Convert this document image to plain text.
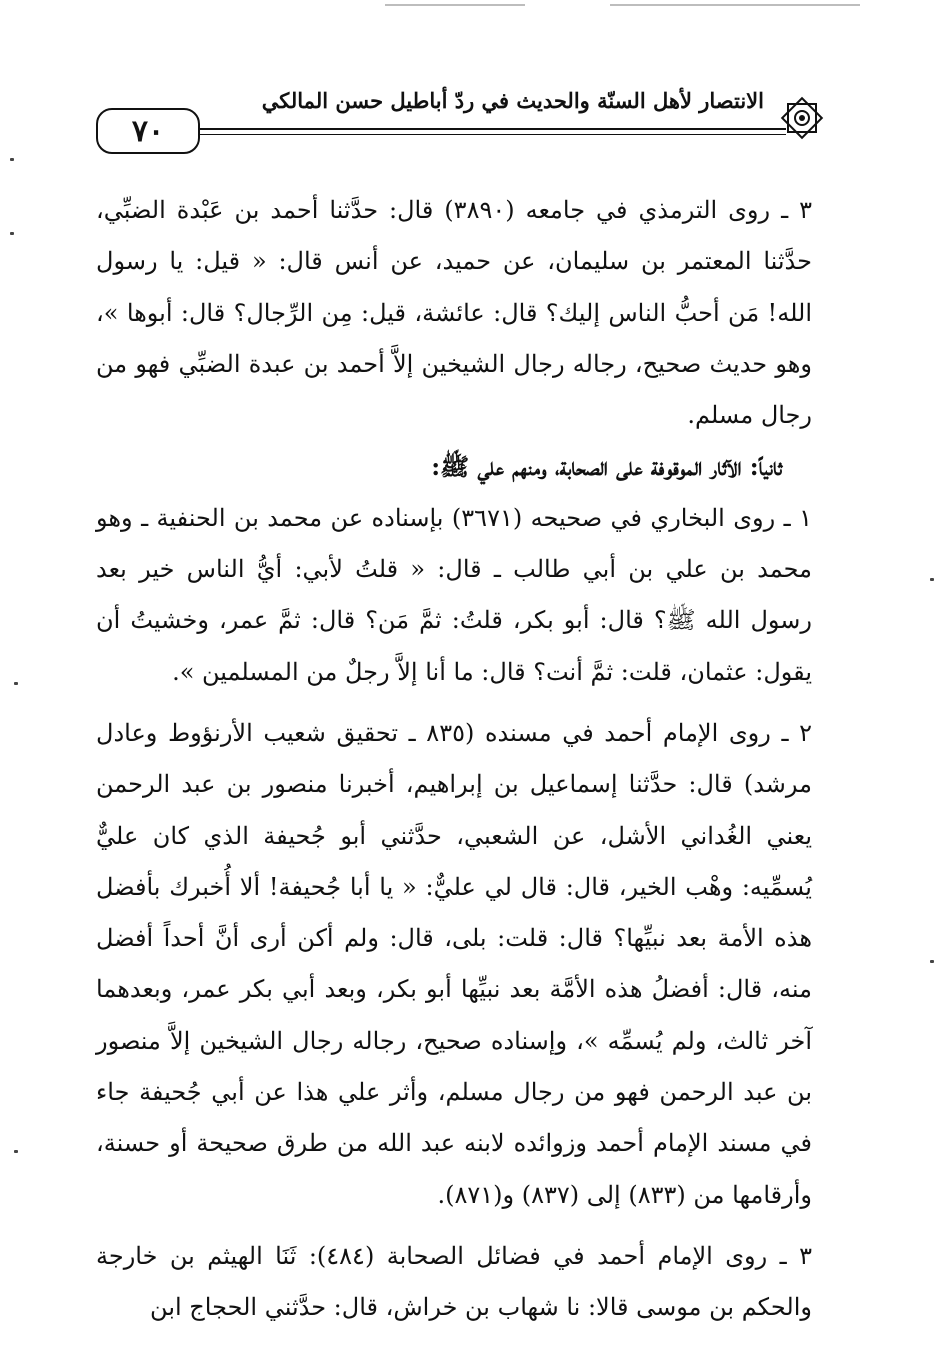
٧٠
الانتصار لأهل السنّة والحديث في ردّ أباطيل حسن المالكي

٣ ـ روى الترمذي في جامعه (٣٨٩٠) قال: حدَّثنا أحمد بن عَبْدة الضبِّي، حدَّثنا المعتمر بن سليمان، عن حميد، عن أنس قال: « قيل: يا رسول الله! مَن أحبُّ الناس إليك؟ قال: عائشة، قيل: مِن الرِّجال؟ قال: أبوها »، وهو حديث صحيح، رجاله رجال الشيخين إلاَّ أحمد بن عبدة الضبِّي فهو من رجال مسلم.

ثانياً: الآثار الموقوفة على الصحابة، ومنهم علي ﷺ:

١ ـ روى البخاري في صحيحه (٣٦٧١) بإسناده عن محمد بن الحنفية ـ وهو محمد بن علي بن أبي طالب ـ قال: « قلتُ لأبي: أيُّ الناس خير بعد رسول الله ﷺ؟ قال: أبو بكر، قلتُ: ثمَّ مَن؟ قال: ثمَّ عمر، وخشيتُ أن يقول: عثمان، قلت: ثمَّ أنت؟ قال: ما أنا إلاَّ رجلٌ من المسلمين ».

٢ ـ روى الإمام أحمد في مسنده (٨٣٥ ـ تحقيق شعيب الأرنؤوط وعادل مرشد) قال: حدَّثنا إسماعيل بن إبراهيم، أخبرنا منصور بن عبد الرحمن يعني الغُداني الأشل، عن الشعبي، حدَّثني أبو جُحيفة الذي كان عليٌّ يُسمِّيه: وهْب الخير، قال: قال لي عليٌّ: « يا أبا جُحيفة! ألا أُخبرك بأفضل هذه الأمة بعد نبيِّها؟ قال: قلت: بلى، قال: ولم أكن أرى أنَّ أحداً أفضل منه، قال: أفضلُ هذه الأمَّة بعد نبيِّها أبو بكر، وبعد أبي بكر عمر، وبعدهما آخر ثالث، ولم يُسمِّه »، وإسناده صحيح، رجاله رجال الشيخين إلاَّ منصور بن عبد الرحمن فهو من رجال مسلم، وأثر علي هذا عن أبي جُحيفة جاء في مسند الإمام أحمد وزوائده لابنه عبد الله من طرق صحيحة أو حسنة، وأرقامها من (٨٣٣) إلى (٨٣٧) و(٨٧١).

٣ ـ روى الإمام أحمد في فضائل الصحابة (٤٨٤): ثَنَا الهيثم بن خارجة والحكم بن موسى قالا: نا شهاب بن خراش، قال: حدَّثني الحجاج ابن
